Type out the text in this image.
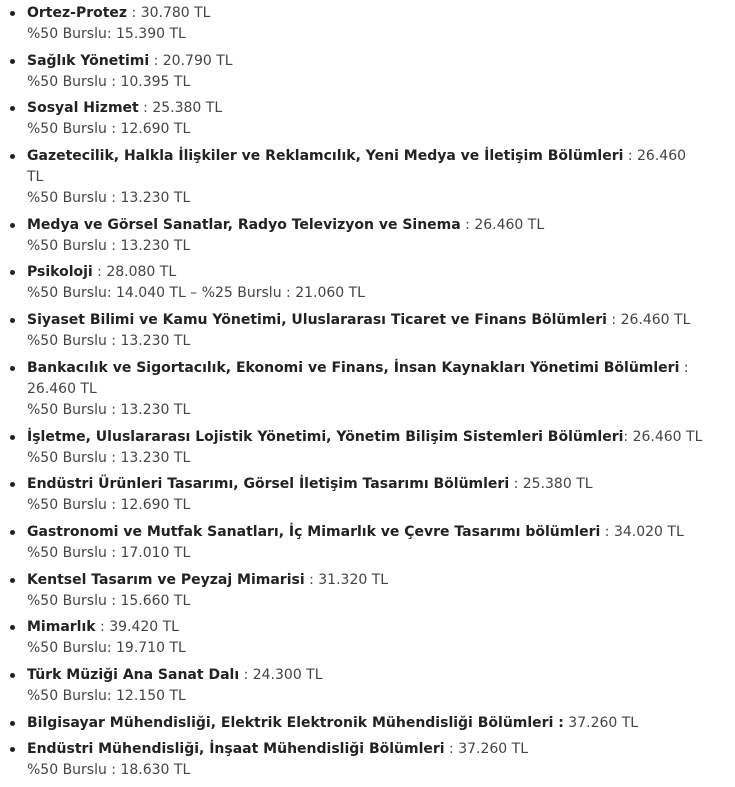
Ortez-Protez : 30.780 TL
%50 Burslu: 15.390 TL
Sağlık Yönetimi : 20.790 TL
%50 Burslu : 10.395 TL
Sosyal Hizmet : 25.380 TL
%50 Burslu : 12.690 TL
Gazetecilik, Halkla İlişkiler ve Reklamcılık, Yeni Medya ve İletişim Bölümleri : 26.460 TL
%50 Burslu : 13.230 TL
Medya ve Görsel Sanatlar, Radyo Televizyon ve Sinema : 26.460 TL
%50 Burslu : 13.230 TL
Psikoloji : 28.080 TL
%50 Burslu: 14.040 TL – %25 Burslu : 21.060 TL
Siyaset Bilimi ve Kamu Yönetimi, Uluslararası Ticaret ve Finans Bölümleri : 26.460 TL
%50 Burslu : 13.230 TL
Bankacılık ve Sigortacılık, Ekonomi ve Finans, İnsan Kaynakları Yönetimi Bölümleri : 26.460 TL
%50 Burslu : 13.230 TL
İşletme, Uluslararası Lojistik Yönetimi, Yönetim Bilişim Sistemleri Bölümleri: 26.460 TL
%50 Burslu : 13.230 TL
Endüstri Ürünleri Tasarımı, Görsel İletişim Tasarımı Bölümleri : 25.380 TL
%50 Burslu : 12.690 TL
Gastronomi ve Mutfak Sanatları, İç Mimarlık ve Çevre Tasarımı bölümleri : 34.020 TL
%50 Burslu : 17.010 TL
Kentsel Tasarım ve Peyzaj Mimarisi : 31.320 TL
%50 Burslu : 15.660 TL
Mimarlık : 39.420 TL
%50 Burslu: 19.710 TL
Türk Müziği Ana Sanat Dalı : 24.300 TL
%50 Burslu: 12.150 TL
Bilgisayar Mühendisliği, Elektrik Elektronik Mühendisliği Bölümleri : 37.260 TL
Endüstri Mühendisliği, İnşaat Mühendisliği Bölümleri : 37.260 TL
%50 Burslu : 18.630 TL
